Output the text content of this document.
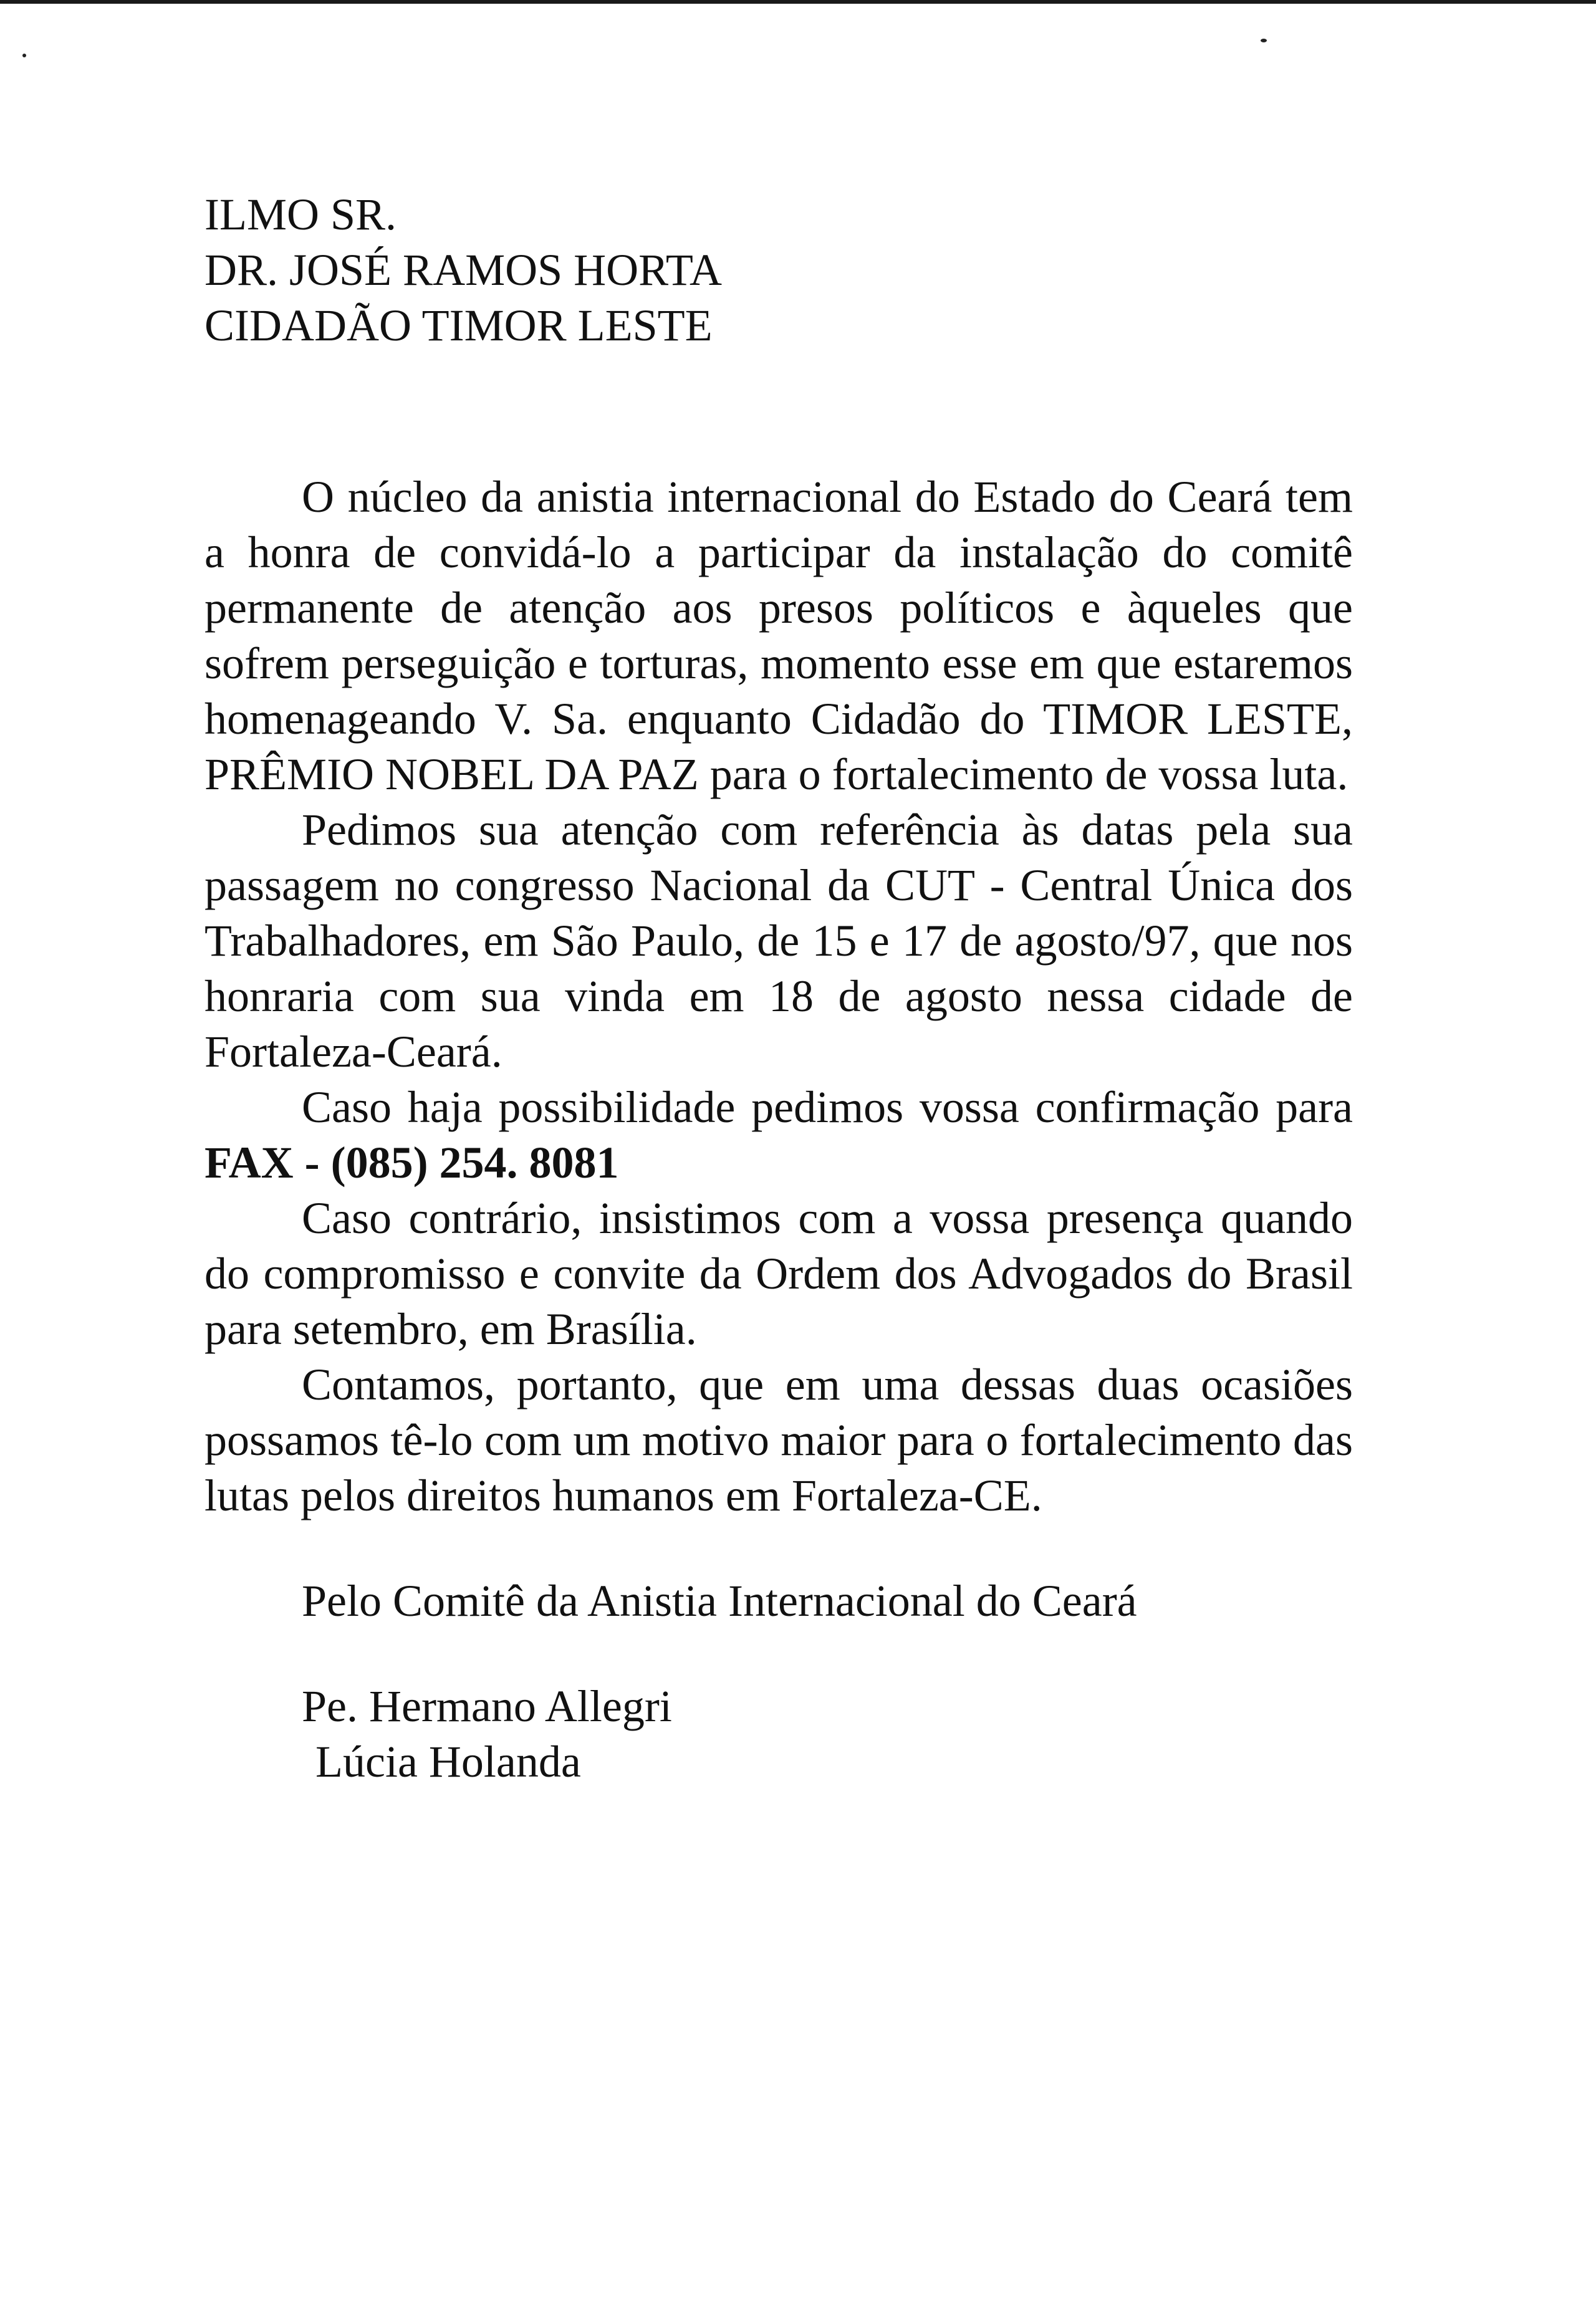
ILMO SR.
DR. JOSÉ RAMOS HORTA
CIDADÃO TIMOR LESTE

O núcleo da anistia internacional do Estado do Ceará tem a honra de convidá-lo a participar da instalação do comitê permanente de atenção aos presos políticos e àqueles que sofrem perseguição e torturas, momento esse em que estaremos homenageando V. Sa. enquanto Cidadão do TIMOR LESTE, PRÊMIO NOBEL DA PAZ para o fortalecimento de vossa luta.

Pedimos sua atenção com referência às datas pela sua passagem no congresso Nacional da CUT - Central Única dos Trabalhadores, em São Paulo, de 15 e 17 de agosto/97, que nos honraria com sua vinda em 18 de agosto nessa cidade de Fortaleza-Ceará.

Caso haja possibilidade pedimos vossa confirmação para FAX - (085) 254. 8081

Caso contrário, insistimos com a vossa presença quando do compromisso e convite da Ordem dos Advogados do Brasil para setembro, em Brasília.

Contamos, portanto, que em uma dessas duas ocasiões possamos tê-lo com um motivo maior para o fortalecimento das lutas pelos direitos humanos em Fortaleza-CE.

Pelo Comitê da Anistia Internacional do Ceará
Pe. Hermano Allegri
Lúcia Holanda
